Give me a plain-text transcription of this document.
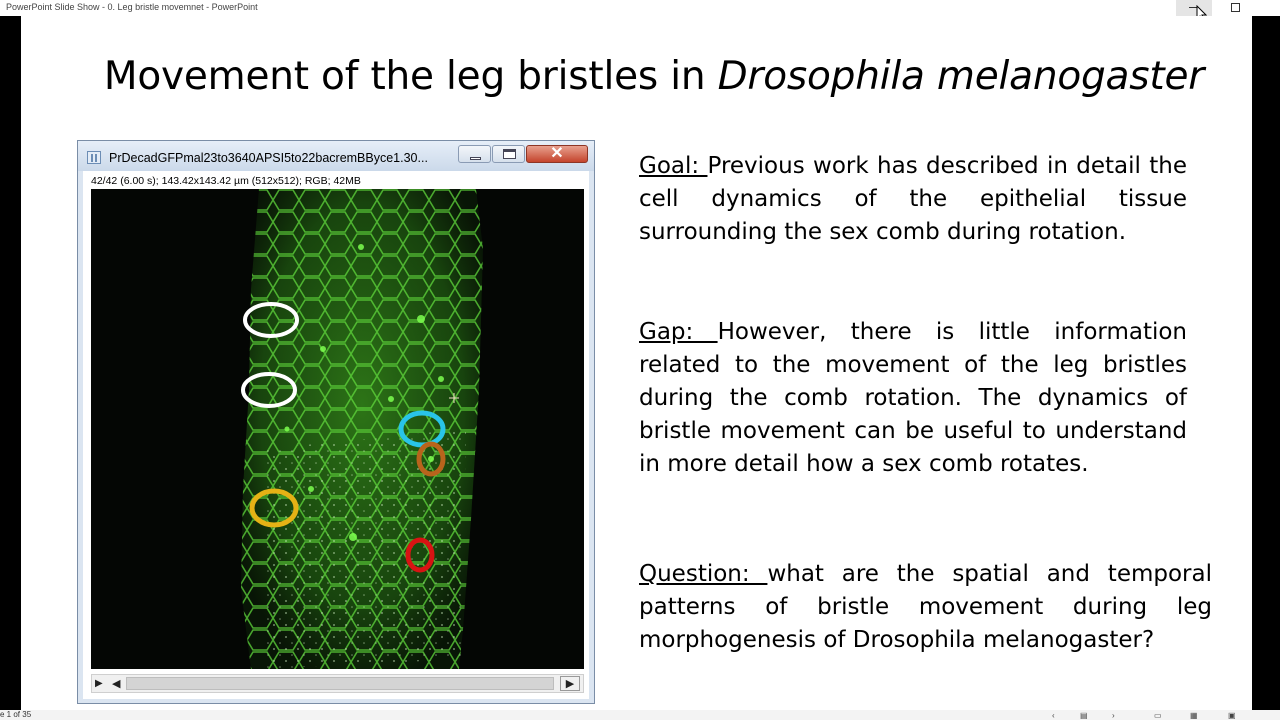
PowerPoint Slide Show - 0. Leg bristle movemnet - PowerPoint
Movement of the leg bristles in Drosophila melanogaster
PrDecadGFPmal23to3640APSI5to22bacremBByce1.30...	✕
42/42 (6.00 s); 143.42x143.42 µm (512x512); RGB; 42MB
▶ ◀	▶
Goal: Previous work has described in detail the cell dynamics of the epithelial tissue surrounding the sex comb during rotation.
Gap: However, there is little information related to the movement of the leg bristles during the comb rotation. The dynamics of bristle movement can be useful to understand in more detail how a sex comb rotates.
Question: what are the spatial and temporal patterns of bristle movement during leg morphogenesis of Drosophila melanogaster?
e 1 of 35	‹	▤	›	▭	▦	▣
